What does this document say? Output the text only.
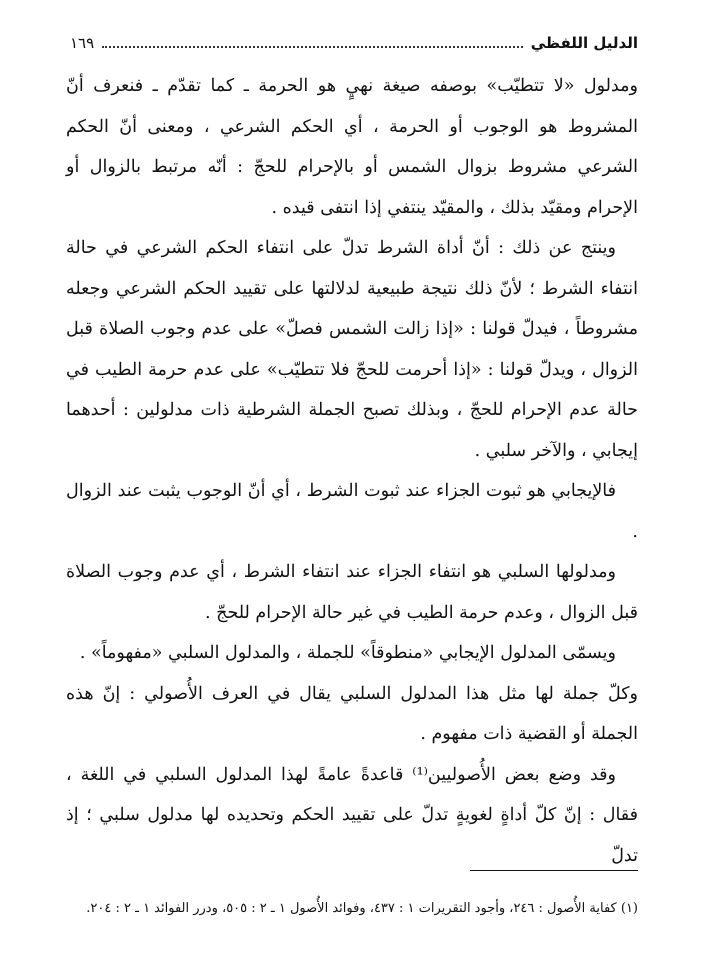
الدليل اللفظي
١٦٩

ومدلول «لا تتطيّب» بوصفه صيغة نهيٍ هو الحرمة ـ كما تقدّم ـ فنعرف أنّ المشروط هو الوجوب أو الحرمة ، أي الحكم الشرعي ، ومعنى أنّ الحكم الشرعي مشروط بزوال الشمس أو بالإحرام للحجّ : أنّه مرتبط بالزوال أو الإحرام ومقيّد بذلك ، والمقيّد ينتفي إذا انتفى قيده .

وينتج عن ذلك : أنّ أداة الشرط تدلّ على انتفاء الحكم الشرعي في حالة انتفاء الشرط ؛ لأنّ ذلك نتيجة طبيعية لدلالتها على تقييد الحكم الشرعي وجعله مشروطاً ، فيدلّ قولنا : «إذا زالت الشمس فصلّ» على عدم وجوب الصلاة قبل الزوال ، ويدلّ قولنا : «إذا أحرمت للحجّ فلا تتطيّب» على عدم حرمة الطيب في حالة عدم الإحرام للحجّ ، وبذلك تصبح الجملة الشرطية ذات مدلولين : أحدهما إيجابي ، والآخر سلبي .

فالإيجابي هو ثبوت الجزاء عند ثبوت الشرط ، أي أنّ الوجوب يثبت عند الزوال .

ومدلولها السلبي هو انتفاء الجزاء عند انتفاء الشرط ، أي عدم وجوب الصلاة قبل الزوال ، وعدم حرمة الطيب في غير حالة الإحرام للحجّ .

ويسمّى المدلول الإيجابي «منطوقاً» للجملة ، والمدلول السلبي «مفهوماً» .

وكلّ جملة لها مثل هذا المدلول السلبي يقال في العرف الأُصولي : إنّ هذه الجملة أو القضية ذات مفهوم .

وقد وضع بعض الأُصوليين⁽¹⁾ قاعدةً عامةً لهذا المدلول السلبي في اللغة ، فقال : إنّ كلّ أداةٍ لغويةٍ تدلّ على تقييد الحكم وتحديده لها مدلول سلبي ؛ إذ تدلّ

(١) كفاية الأُصول : ٢٤٦، وأجود التقريرات ١ : ٤٣٧، وفوائد الأُصول ١ ـ ٢ : ٥٠٥، ودرر الفوائد ١ ـ ٢ : ٢٠٤.
